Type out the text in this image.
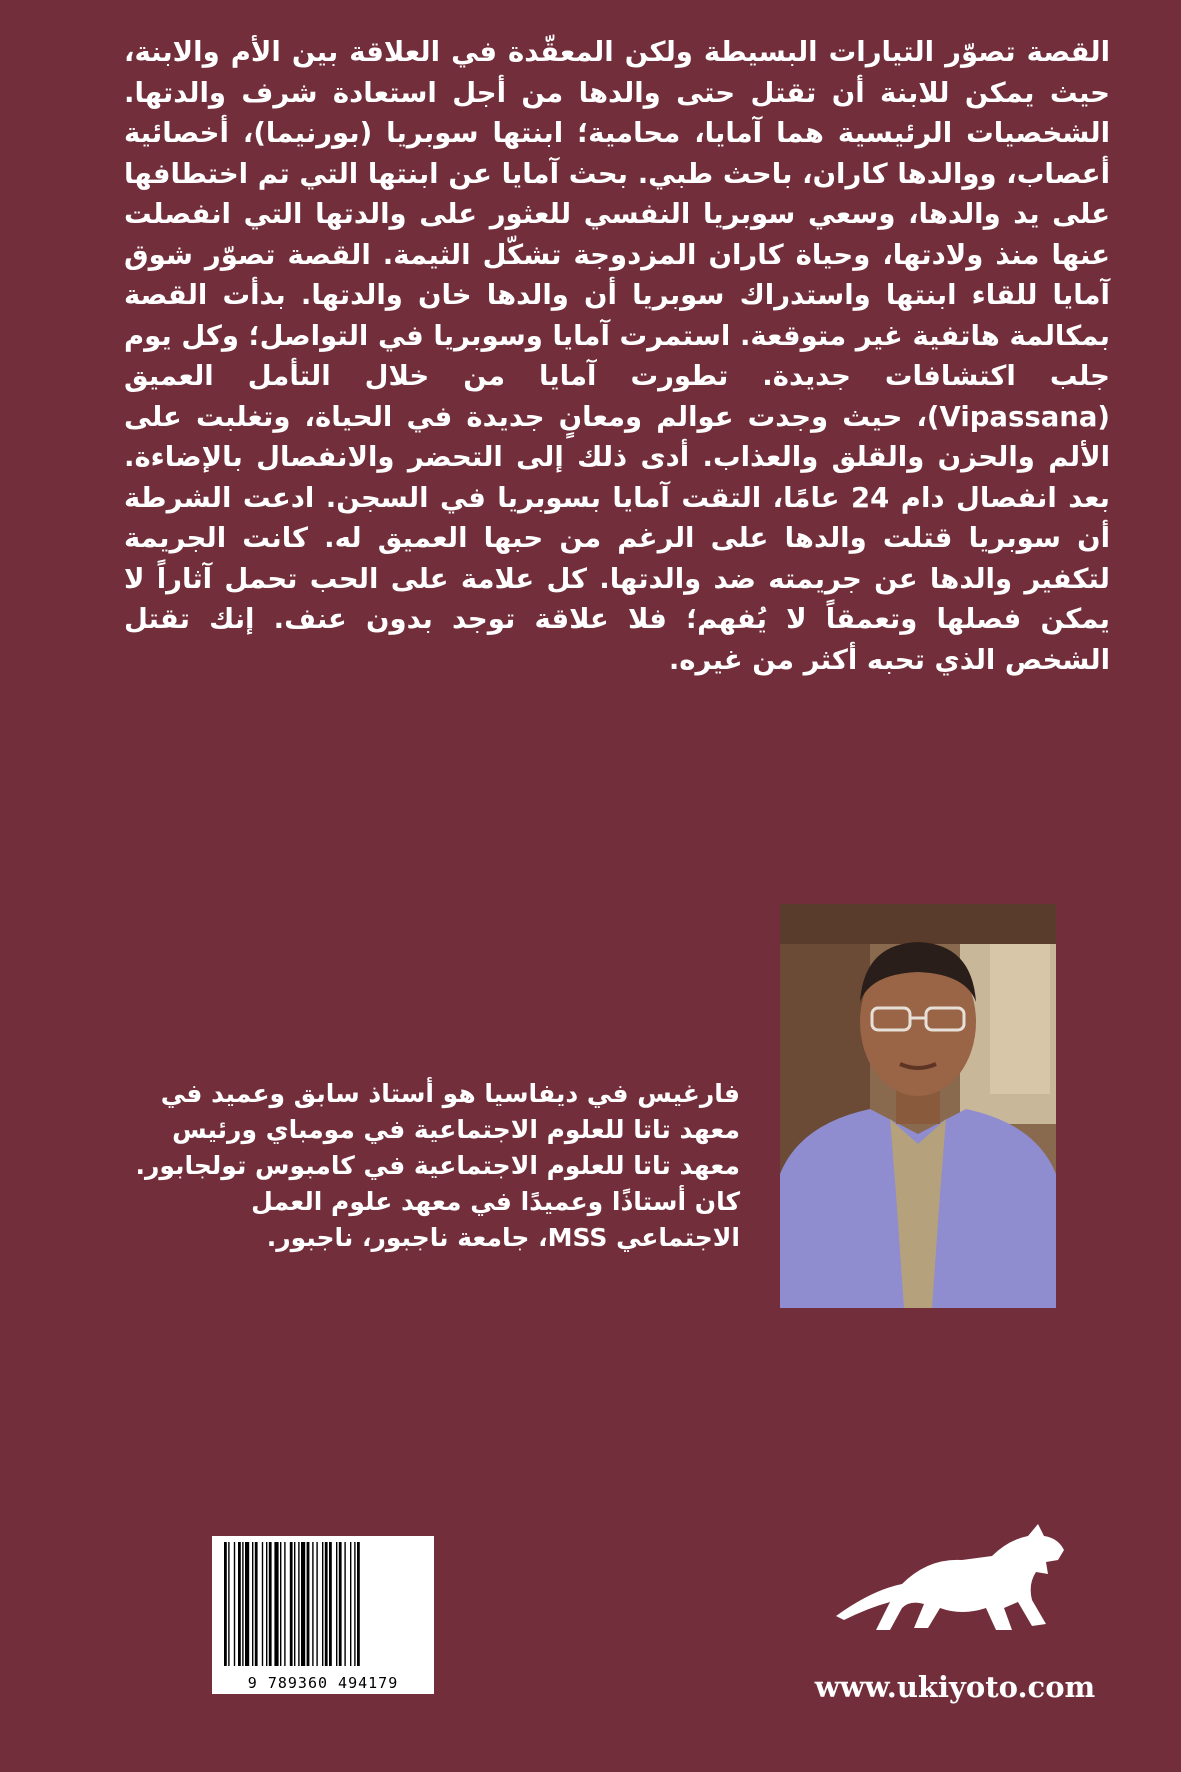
القصة تصوّر التيارات البسيطة ولكن المعقّدة في العلاقة بين الأم والابنة، حيث يمكن للابنة أن تقتل حتى والدها من أجل استعادة شرف والدتها. الشخصيات الرئيسية هما آمايا، محامية؛ ابنتها سوبريا (بورنيما)، أخصائية أعصاب، ووالدها كاران، باحث طبي. بحث آمايا عن ابنتها التي تم اختطافها على يد والدها، وسعي سوبريا النفسي للعثور على والدتها التي انفصلت عنها منذ ولادتها، وحياة كاران المزدوجة تشكّل الثيمة. القصة تصوّر شوق آمايا للقاء ابنتها واستدراك سوبريا أن والدها خان والدتها. بدأت القصة بمكالمة هاتفية غير متوقعة. استمرت آمايا وسوبريا في التواصل؛ وكل يوم جلب اكتشافات جديدة. تطورت آمايا من خلال التأمل العميق (Vipassana)، حيث وجدت عوالم ومعانٍ جديدة في الحياة، وتغلبت على الألم والحزن والقلق والعذاب. أدى ذلك إلى التحضر والانفصال بالإضاءة. بعد انفصال دام 24 عامًا، التقت آمايا بسوبريا في السجن. ادعت الشرطة أن سوبريا قتلت والدها على الرغم من حبها العميق له. كانت الجريمة لتكفير والدها عن جريمته ضد والدتها. كل علامة على الحب تحمل آثاراً لا يمكن فصلها وتعمقاً لا يُفهم؛ فلا علاقة توجد بدون عنف. إنك تقتل الشخص الذي تحبه أكثر من غيره.

فارغيس في ديفاسيا هو أستاذ سابق وعميد في معهد تاتا للعلوم الاجتماعية في مومباي ورئيس معهد تاتا للعلوم الاجتماعية في كامبوس تولجابور. كان أستاذًا وعميدًا في معهد علوم العمل الاجتماعي MSS، جامعة ناجبور، ناجبور.

9 789360 494179	www.ukiyoto.com
